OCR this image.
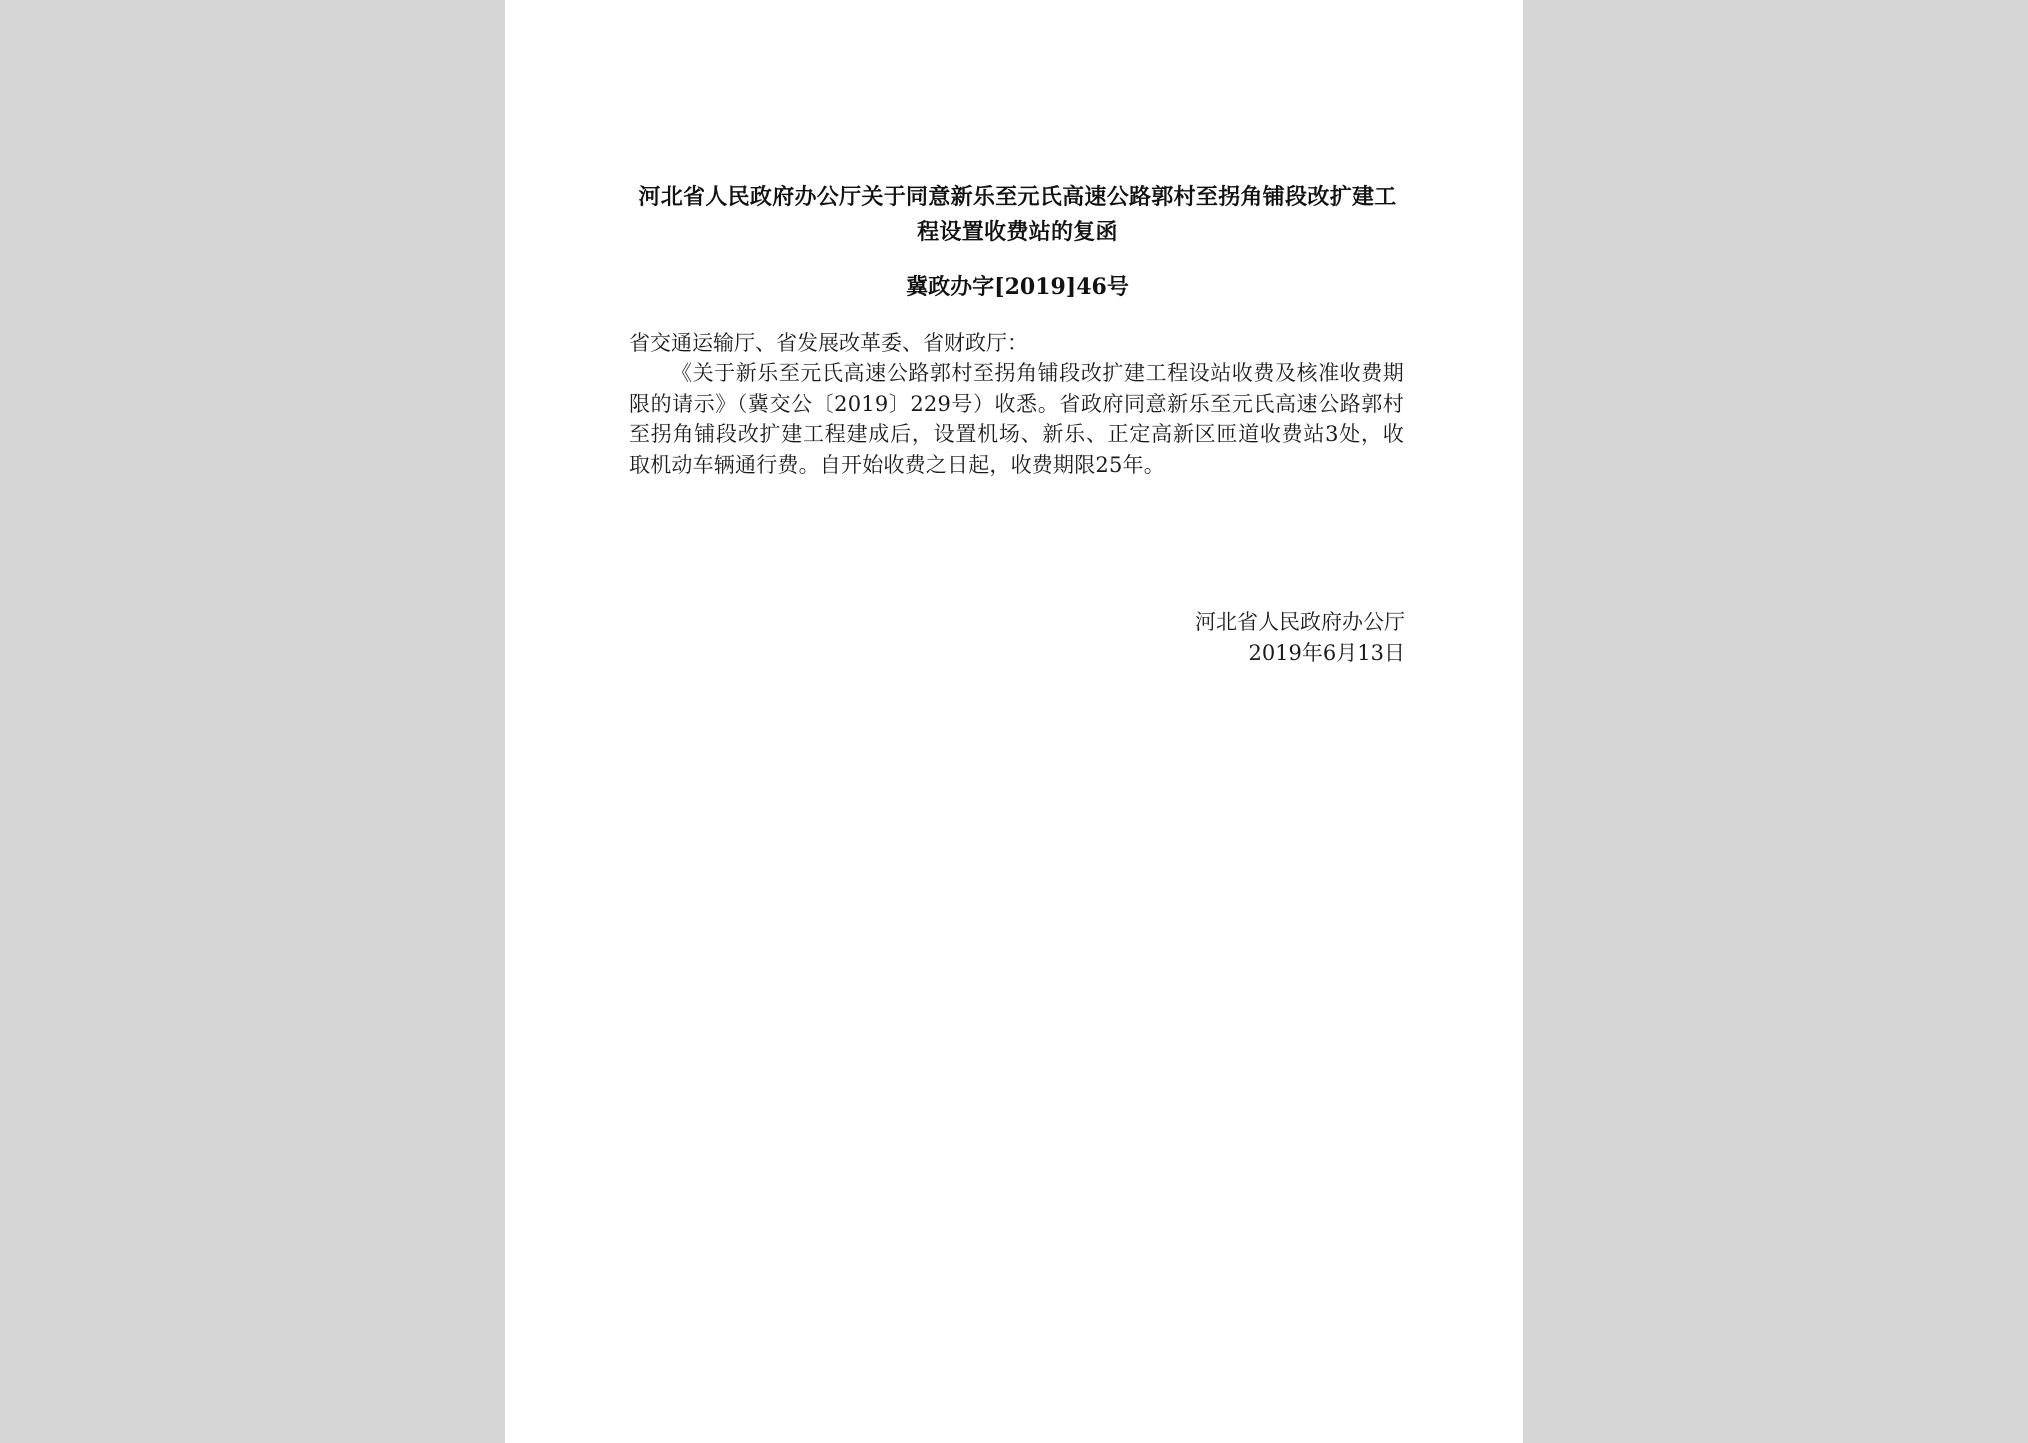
河北省人民政府办公厅关于同意新乐至元氏高速公路郭村至拐角铺段改扩建工程设置收费站的复函
冀政办字[2019]46号
省交通运输厅、省发展改革委、省财政厅：
《关于新乐至元氏高速公路郭村至拐角铺段改扩建工程设站收费及核准收费期限的请示》（冀交公〔2019〕229号）收悉。省政府同意新乐至元氏高速公路郭村至拐角铺段改扩建工程建成后，设置机场、新乐、正定高新区匝道收费站3处，收取机动车辆通行费。自开始收费之日起，收费期限25年。
河北省人民政府办公厅
2019年6月13日
